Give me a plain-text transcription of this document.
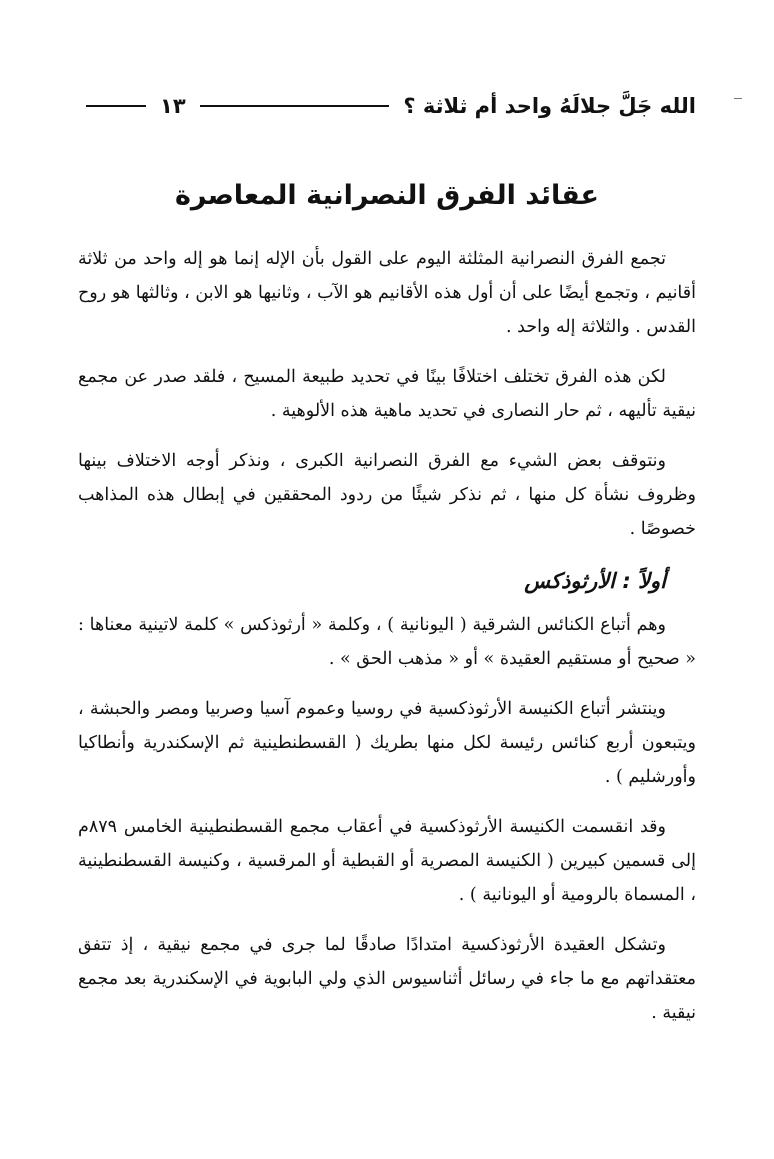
الله جَلَّ جلالَهُ واحد أم ثلاثة ؟
١٣
عقائد الفرق النصرانية المعاصرة

تجمع الفرق النصرانية المثلثة اليوم على القول بأن الإله إنما هو إله واحد من ثلاثة أقانيم ، وتجمع أيضًا على أن أول هذه الأقانيم هو الآب ، وثانيها هو الابن ، وثالثها هو روح القدس . والثلاثة إله واحد .

لكن هذه الفرق تختلف اختلافًا بينًا في تحديد طبيعة المسيح ، فلقد صدر عن مجمع نيقية تأليهه ، ثم حار النصارى في تحديد ماهية هذه الألوهية .

ونتوقف بعض الشيء مع الفرق النصرانية الكبرى ، ونذكر أوجه الاختلاف بينها وظروف نشأة كل منها ، ثم نذكر شيئًا من ردود المحققين في إبطال هذه المذاهب خصوصًا .

أولاً : الأرثوذكس

وهم أتباع الكنائس الشرقية ( اليونانية ) ، وكلمة « أرثوذكس » كلمة لاتينية معناها : « صحيح أو مستقيم العقيدة » أو « مذهب الحق » .

وينتشر أتباع الكنيسة الأرثوذكسية في روسيا وعموم آسيا وصربيا ومصر والحبشة ، ويتبعون أربع كنائس رئيسة لكل منها بطريك ( القسطنطينية ثم الإسكندرية وأنطاكيا وأورشليم ) .

وقد انقسمت الكنيسة الأرثوذكسية في أعقاب مجمع القسطنطينية الخامس ٨٧٩م إلى قسمين كبيرين ( الكنيسة المصرية أو القبطية أو المرقسية ، وكنيسة القسطنطينية ، المسماة بالرومية أو اليونانية ) .

وتشكل العقيدة الأرثوذكسية امتدادًا صادقًا لما جرى في مجمع نيقية ، إذ تتفق معتقداتهم مع ما جاء في رسائل أثناسيوس الذي ولي البابوية في الإسكندرية بعد مجمع نيقية .
